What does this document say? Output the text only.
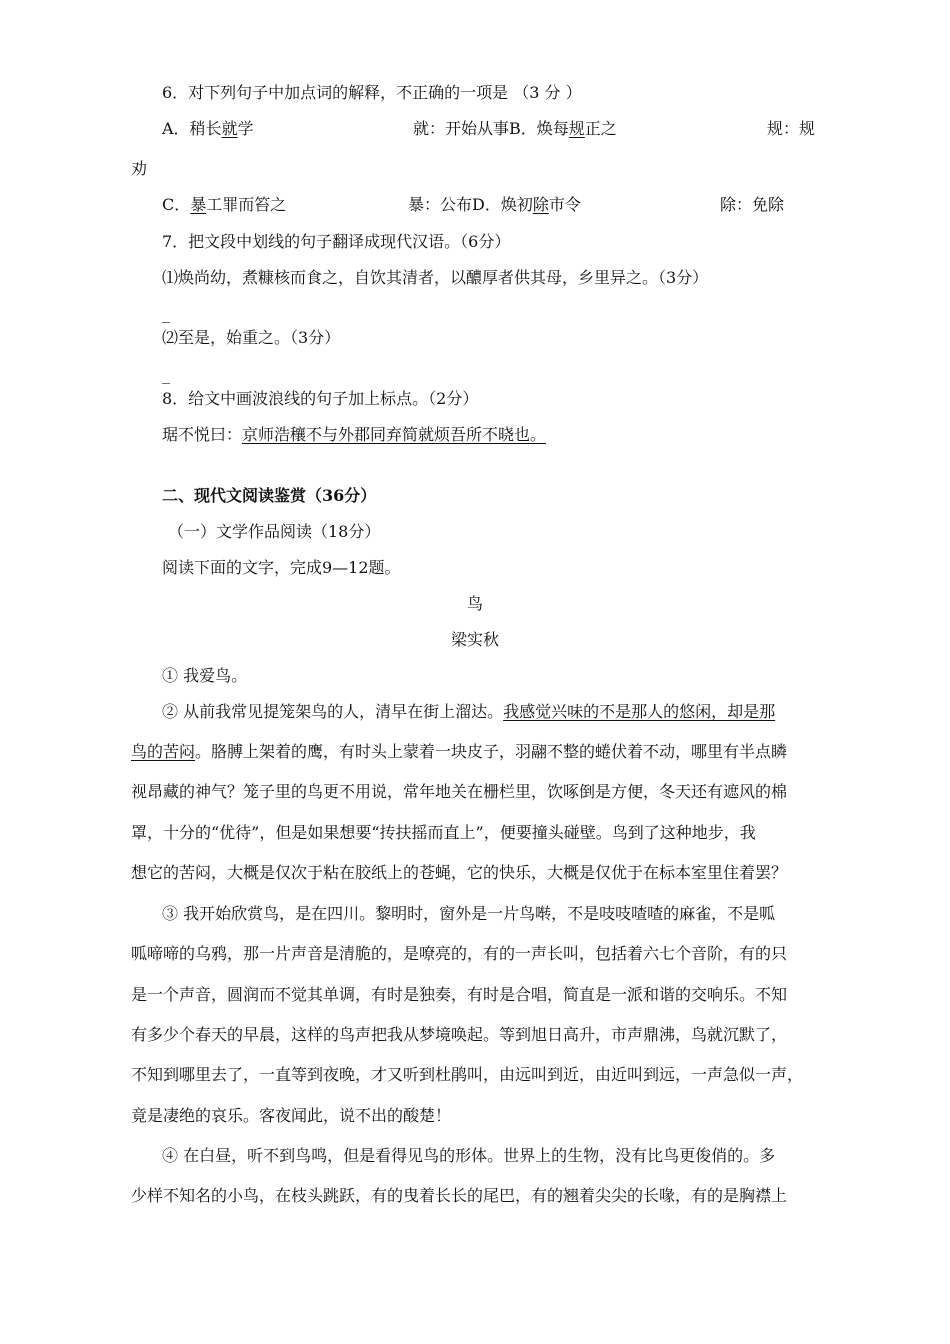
6．对下列句子中加点词的解释，不正确的一项是 （3 分 ）
A．稍长就学	就：开始从事B．焕每规正之	规：规
劝
C．暴工罪而笞之	暴：公布D．焕初除市令	除：免除
7．把文段中划线的句子翻译成现代汉语。（6分）
⑴焕尚幼，煮糠核而食之，自饮其清者，以醲厚者供其母，乡里异之。（3分）
_
⑵至是，始重之。（3分）
_
8．给文中画波浪线的句子加上标点。（2分）
琚不悦曰：京师浩穰不与外郡同弃简就烦吾所不晓也。
二、现代文阅读鉴赏（36分）
（一）文学作品阅读（18分）
阅读下面的文字，完成9—12题。
鸟
梁实秋
① 我爱鸟。
② 从前我常见提笼架鸟的人，清早在街上溜达。我感觉兴味的不是那人的悠闲，却是那
鸟的苦闷。胳膊上架着的鹰，有时头上蒙着一块皮子，羽翮不整的蜷伏着不动，哪里有半点瞵
视昂藏的神气？笼子里的鸟更不用说，常年地关在栅栏里，饮啄倒是方便，冬天还有遮风的棉
罩，十分的“优待”，但是如果想要“抟扶摇而直上”，便要撞头碰壁。鸟到了这种地步，我
想它的苦闷，大概是仅次于粘在胶纸上的苍蝇，它的快乐，大概是仅优于在标本室里住着罢？
③ 我开始欣赏鸟，是在四川。黎明时，窗外是一片鸟啭，不是吱吱喳喳的麻雀，不是呱
呱啼啼的乌鸦，那一片声音是清脆的，是嘹亮的，有的一声长叫，包括着六七个音阶，有的只
是一个声音，圆润而不觉其单调，有时是独奏，有时是合唱，简直是一派和谐的交响乐。不知
有多少个春天的早晨，这样的鸟声把我从梦境唤起。等到旭日高升，市声鼎沸，鸟就沉默了，
不知到哪里去了，一直等到夜晚，才又听到杜鹃叫，由远叫到近，由近叫到远，一声急似一声，
竟是凄绝的哀乐。客夜闻此，说不出的酸楚！
④ 在白昼，听不到鸟鸣，但是看得见鸟的形体。世界上的生物，没有比鸟更俊俏的。多
少样不知名的小鸟，在枝头跳跃，有的曳着长长的尾巴，有的翘着尖尖的长喙，有的是胸襟上
